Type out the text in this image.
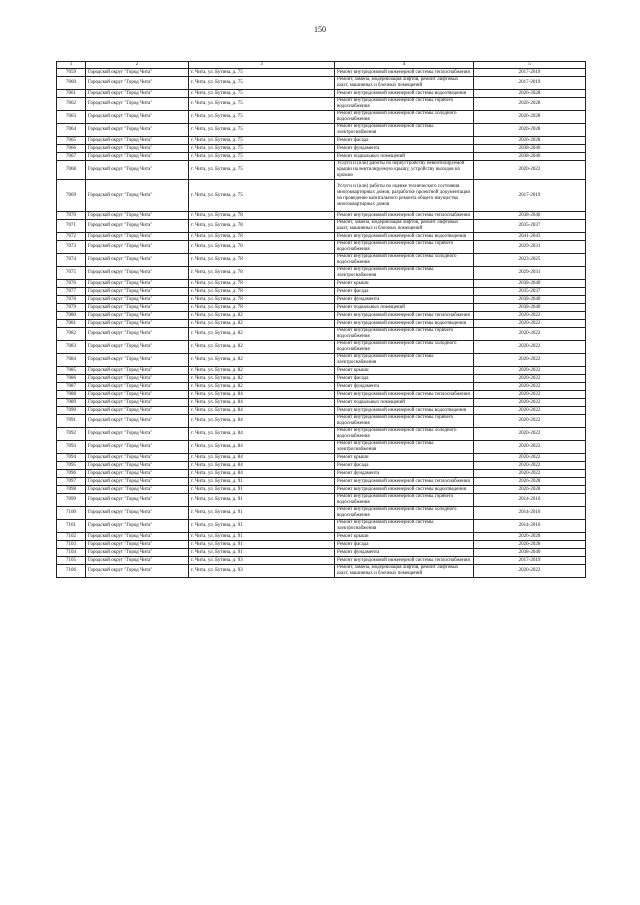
150
1	2	3	4	5
7059	Городской округ "Город Чита"	г. Чита, ул. Бутина, д. 75	Ремонт внутридомовой инженерной системы теплоснабжения	2017-2019
7060	Городской округ "Город Чита"	г. Чита, ул. Бутина, д. 75	Ремонт, замена, модернизация лифтов, ремонт лифтовых шахт, машинных и блочных помещений	2017-2019
7061	Городской округ "Город Чита"	г. Чита, ул. Бутина, д. 75	Ремонт внутридомовой инженерной системы водоотведения	2026-2028
7062	Городской округ "Город Чита"	г. Чита, ул. Бутина, д. 75	Ремонт внутридомовой инженерной системы горячего водоснабжения	2026-2028
7063	Городской округ "Город Чита"	г. Чита, ул. Бутина, д. 75	Ремонт внутридомовой инженерной системы холодного водоснабжения	2026-2028
7064	Городской округ "Город Чита"	г. Чита, ул. Бутина, д. 75	Ремонт внутридомовой инженерной системы электроснабжения	2026-2028
7065	Городской округ "Город Чита"	г. Чита, ул. Бутина, д. 75	Ремонт фасада	2026-2028
7066	Городской округ "Город Чита"	г. Чита, ул. Бутина, д. 75	Ремонт фундамента	2038-2040
7067	Городской округ "Город Чита"	г. Чита, ул. Бутина, д. 75	Ремонт подвальных помещений	2038-2040
7068	Городской округ "Город Чита"	г. Чита, ул. Бутина, д. 75	Услуги и (или) работы по переустройству невентилируемой крыши на вентилируемую крышу, устройству выходов на кровлю	2020-2022
7069	Городской округ "Город Чита"	г. Чита, ул. Бутина, д. 75	Услуги и (или) работы по оценке технического состояния многоквартирных домов, разработке проектной документации на проведение капитального ремонта общего имущества многоквартирных домов	2017-2019
7070	Городской округ "Город Чита"	г. Чита, ул. Бутина, д. 78	Ремонт внутридомовой инженерной системы теплоснабжения	2038-2040
7071	Городской округ "Город Чита"	г. Чита, ул. Бутина, д. 78	Ремонт, замена, модернизация лифтов, ремонт лифтовых шахт, машинных и блочных помещений	2035-2037
7072	Городской округ "Город Чита"	г. Чита, ул. Бутина, д. 78	Ремонт внутридомовой инженерной системы водоотведения	2041-2043
7073	Городской округ "Город Чита"	г. Чита, ул. Бутина, д. 78	Ремонт внутридомовой инженерной системы горячего водоснабжения	2029-2031
7074	Городской округ "Город Чита"	г. Чита, ул. Бутина, д. 78	Ремонт внутридомовой инженерной системы холодного водоснабжения	2023-2025
7075	Городской округ "Город Чита"	г. Чита, ул. Бутина, д. 78	Ремонт внутридомовой инженерной системы электроснабжения	2029-2031
7076	Городской округ "Город Чита"	г. Чита, ул. Бутина, д. 78	Ремонт крыши	2038-2040
7077	Городской округ "Город Чита"	г. Чита, ул. Бутина, д. 78	Ремонт фасада	2035-2037
7078	Городской округ "Город Чита"	г. Чита, ул. Бутина, д. 78	Ремонт фундамента	2038-2040
7079	Городской округ "Город Чита"	г. Чита, ул. Бутина, д. 78	Ремонт подвальных помещений	2038-2040
7080	Городской округ "Город Чита"	г. Чита, ул. Бутина, д. 82	Ремонт внутридомовой инженерной системы теплоснабжения	2020-2022
7081	Городской округ "Город Чита"	г. Чита, ул. Бутина, д. 82	Ремонт внутридомовой инженерной системы водоотведения	2020-2022
7082	Городской округ "Город Чита"	г. Чита, ул. Бутина, д. 82	Ремонт внутридомовой инженерной системы горячего водоснабжения	2020-2022
7083	Городской округ "Город Чита"	г. Чита, ул. Бутина, д. 82	Ремонт внутридомовой инженерной системы холодного водоснабжения	2020-2022
7084	Городской округ "Город Чита"	г. Чита, ул. Бутина, д. 82	Ремонт внутридомовой инженерной системы электроснабжения	2020-2022
7085	Городской округ "Город Чита"	г. Чита, ул. Бутина, д. 82	Ремонт крыши	2020-2022
7086	Городской округ "Город Чита"	г. Чита, ул. Бутина, д. 82	Ремонт фасада	2020-2022
7087	Городской округ "Город Чита"	г. Чита, ул. Бутина, д. 82	Ремонт фундамента	2020-2022
7088	Городской округ "Город Чита"	г. Чита, ул. Бутина, д. 84	Ремонт внутридомовой инженерной системы теплоснабжения	2020-2022
7089	Городской округ "Город Чита"	г. Чита, ул. Бутина, д. 84	Ремонт подвальных помещений	2020-2022
7090	Городской округ "Город Чита"	г. Чита, ул. Бутина, д. 84	Ремонт внутридомовой инженерной системы водоотведения	2020-2022
7091	Городской округ "Город Чита"	г. Чита, ул. Бутина, д. 84	Ремонт внутридомовой инженерной системы горячего водоснабжения	2020-2022
7092	Городской округ "Город Чита"	г. Чита, ул. Бутина, д. 84	Ремонт внутридомовой инженерной системы холодного водоснабжения	2020-2022
7093	Городской округ "Город Чита"	г. Чита, ул. Бутина, д. 84	Ремонт внутридомовой инженерной системы электроснабжения	2020-2022
7094	Городской округ "Город Чита"	г. Чита, ул. Бутина, д. 84	Ремонт крыши	2020-2022
7095	Городской округ "Город Чита"	г. Чита, ул. Бутина, д. 84	Ремонт фасада	2020-2022
7096	Городской округ "Город Чита"	г. Чита, ул. Бутина, д. 84	Ремонт фундамента	2020-2022
7097	Городской округ "Город Чита"	г. Чита, ул. Бутина, д. 91	Ремонт внутридомовой инженерной системы теплоснабжения	2026-2028
7098	Городской округ "Город Чита"	г. Чита, ул. Бутина, д. 91	Ремонт внутридомовой инженерной системы водоотведения	2026-2028
7099	Городской округ "Город Чита"	г. Чита, ул. Бутина, д. 91	Ремонт внутридомовой инженерной системы горячего водоснабжения	2014-2016
7100	Городской округ "Город Чита"	г. Чита, ул. Бутина, д. 91	Ремонт внутридомовой инженерной системы холодного водоснабжения	2014-2016
7101	Городской округ "Город Чита"	г. Чита, ул. Бутина, д. 91	Ремонт внутридомовой инженерной системы электроснабжения	2014-2016
7102	Городской округ "Город Чита"	г. Чита, ул. Бутина, д. 91	Ремонт крыши	2026-2028
7103	Городской округ "Город Чита"	г. Чита, ул. Бутина, д. 91	Ремонт фасада	2026-2028
7104	Городской округ "Город Чита"	г. Чита, ул. Бутина, д. 91	Ремонт фундамента	2038-2040
7105	Городской округ "Город Чита"	г. Чита, ул. Бутина, д. 93	Ремонт внутридомовой инженерной системы теплоснабжения	2017-2019
7106	Городской округ "Город Чита"	г. Чита, ул. Бутина, д. 93	Ремонт, замена, модернизация лифтов, ремонт лифтовых шахт, машинных и блочных помещений	2020-2022
